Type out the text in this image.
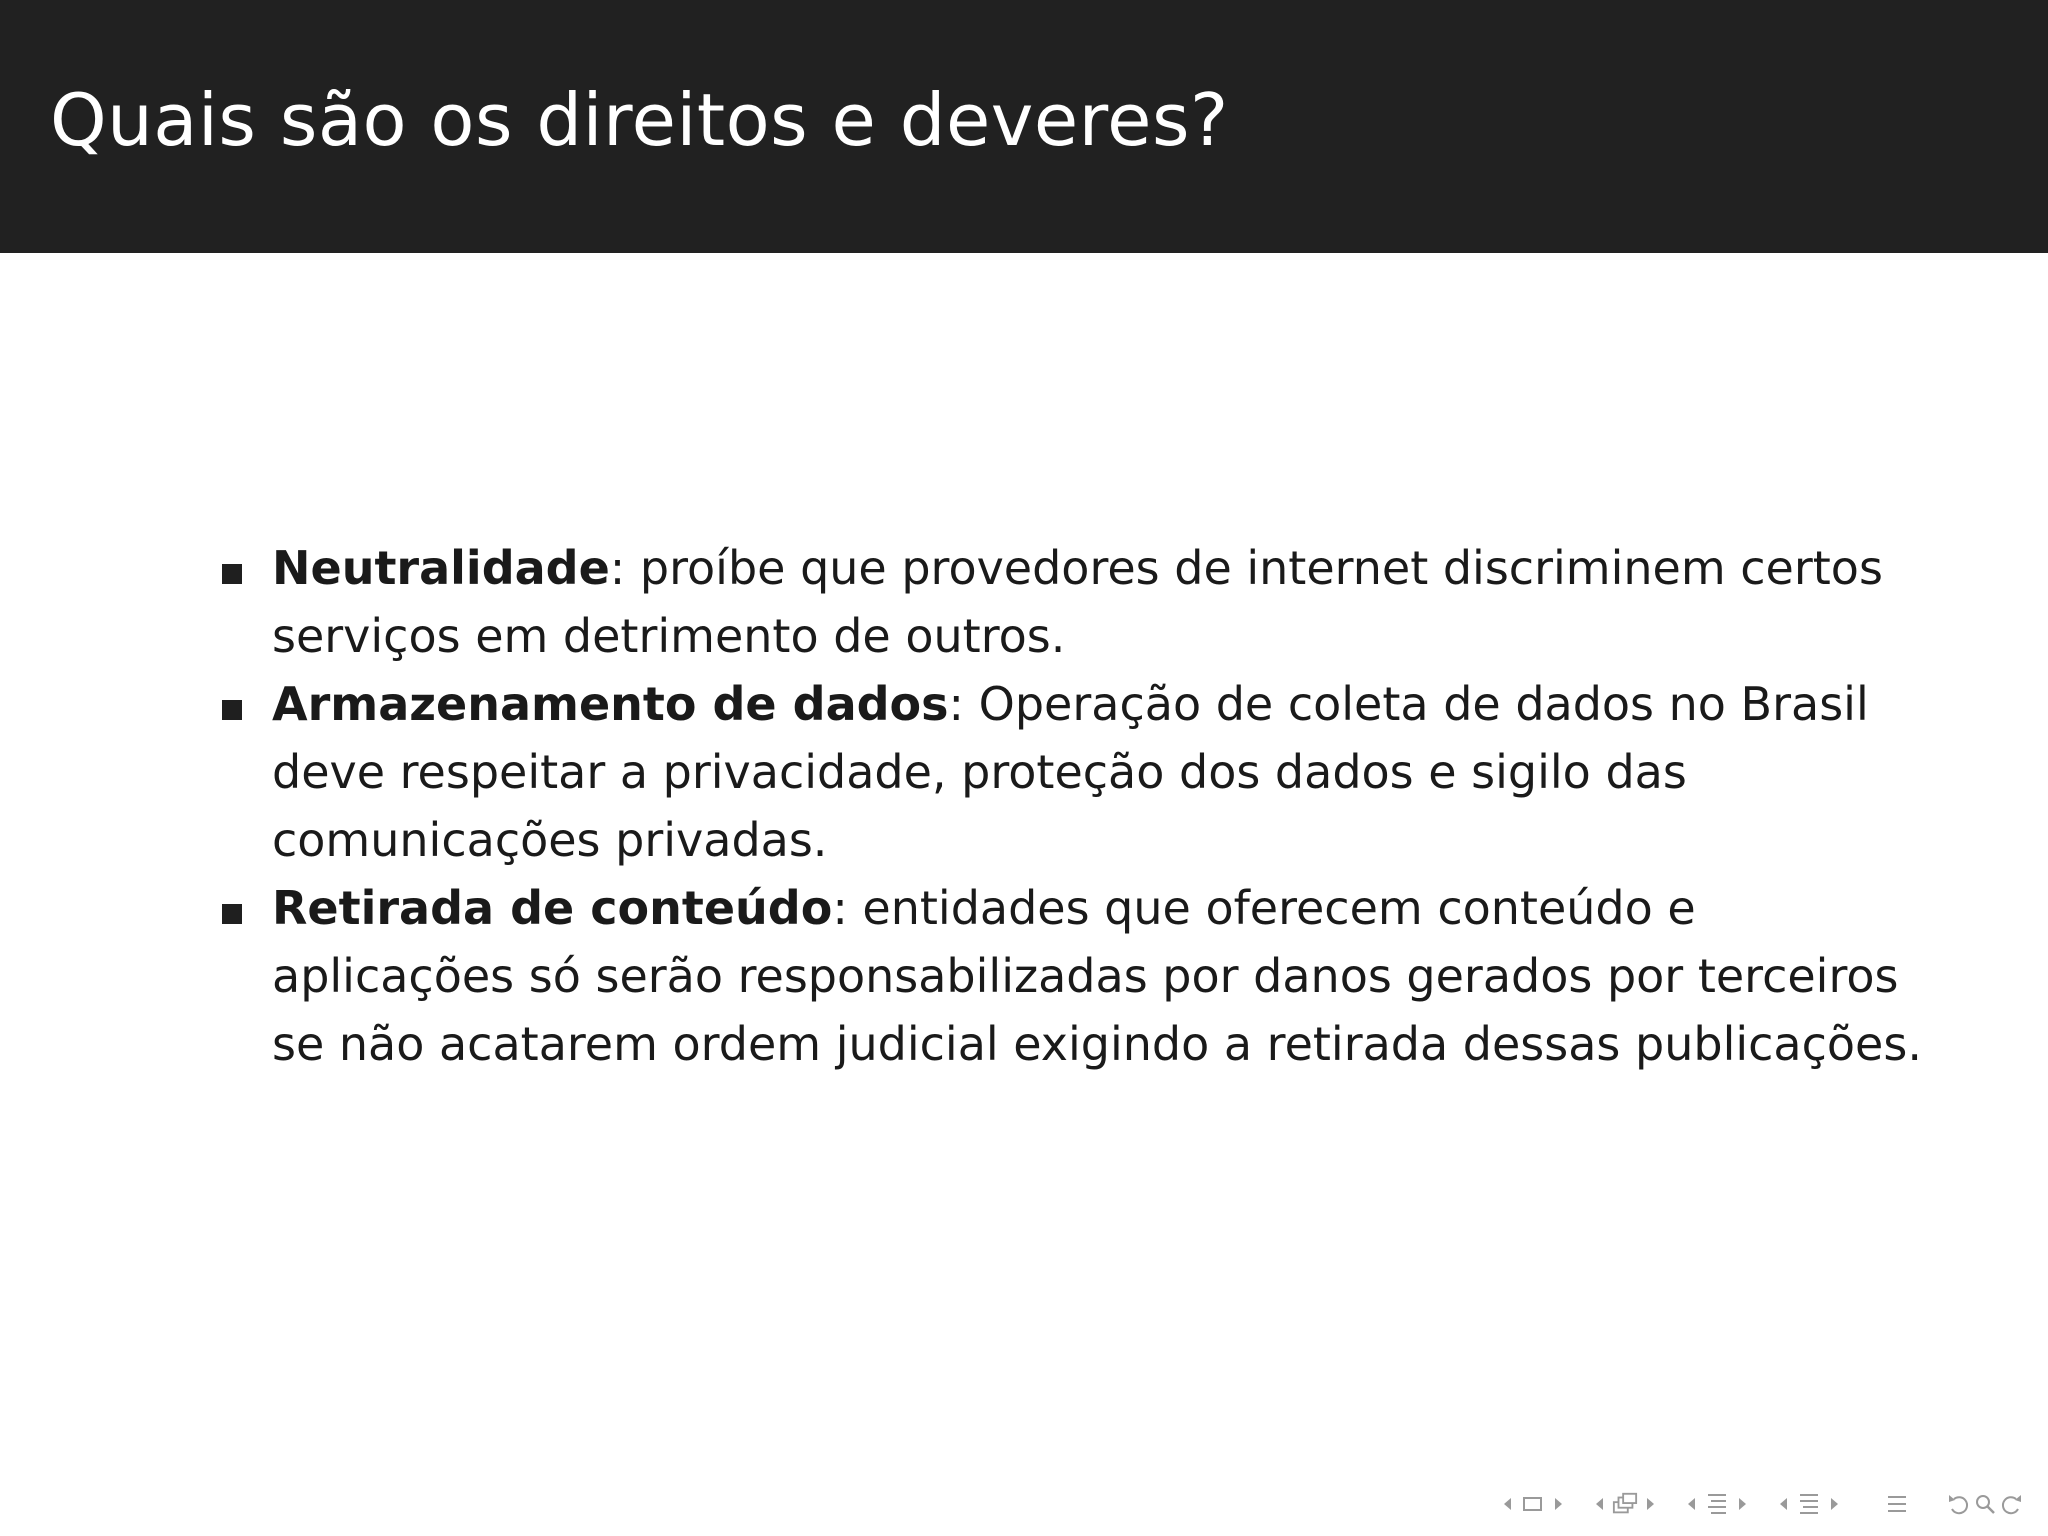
Quais são os direitos e deveres?
Neutralidade: proíbe que provedores de internet discriminem certos serviços em detrimento de outros.
Armazenamento de dados: Operação de coleta de dados no Brasil deve respeitar a privacidade, proteção dos dados e sigilo das comunicações privadas.
Retirada de conteúdo: entidades que oferecem conteúdo e aplicações só serão responsabilizadas por danos gerados por terceiros se não acatarem ordem judicial exigindo a retirada dessas publicações.
